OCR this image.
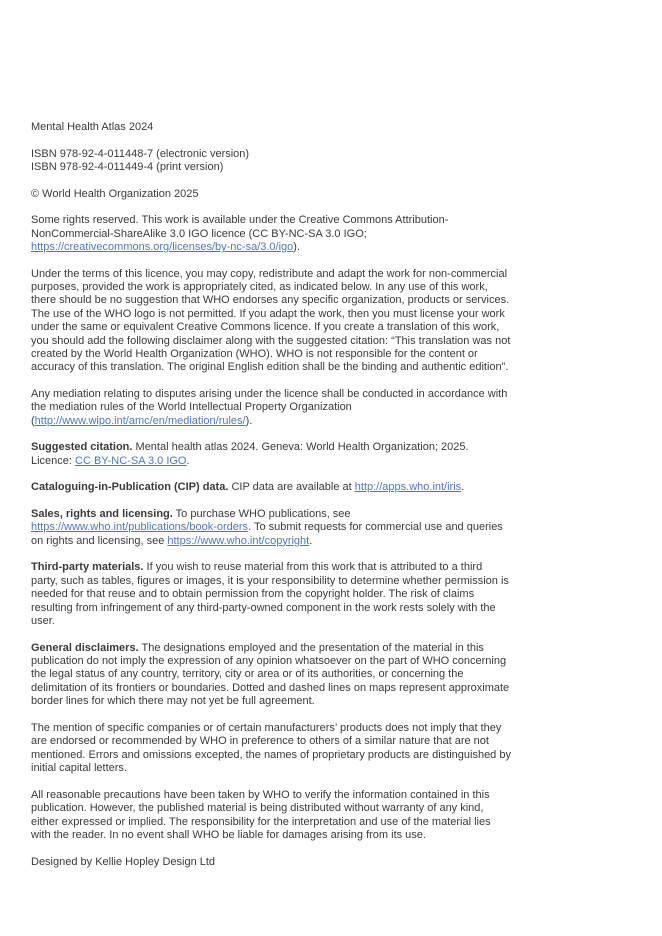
Mental Health Atlas 2024

ISBN 978-92-4-011448-7 (electronic version)
ISBN 978-92-4-011449-4 (print version)

© World Health Organization 2025

Some rights reserved. This work is available under the Creative Commons Attribution-NonCommercial-ShareAlike 3.0 IGO licence (CC BY-NC-SA 3.0 IGO; https://creativecommons.org/licenses/by-nc-sa/3.0/igo).

Under the terms of this licence, you may copy, redistribute and adapt the work for non-commercial purposes, provided the work is appropriately cited, as indicated below. In any use of this work, there should be no suggestion that WHO endorses any specific organization, products or services. The use of the WHO logo is not permitted. If you adapt the work, then you must license your work under the same or equivalent Creative Commons licence. If you create a translation of this work, you should add the following disclaimer along with the suggested citation: “This translation was not created by the World Health Organization (WHO). WHO is not responsible for the content or accuracy of this translation. The original English edition shall be the binding and authentic edition”.

Any mediation relating to disputes arising under the licence shall be conducted in accordance with the mediation rules of the World Intellectual Property Organization (http://www.wipo.int/amc/en/mediation/rules/).

Suggested citation. Mental health atlas 2024. Geneva: World Health Organization; 2025. Licence: CC BY-NC-SA 3.0 IGO.

Cataloguing-in-Publication (CIP) data. CIP data are available at http://apps.who.int/iris.

Sales, rights and licensing. To purchase WHO publications, see https://www.who.int/publications/book-orders. To submit requests for commercial use and queries on rights and licensing, see https://www.who.int/copyright.

Third-party materials. If you wish to reuse material from this work that is attributed to a third party, such as tables, figures or images, it is your responsibility to determine whether permission is needed for that reuse and to obtain permission from the copyright holder. The risk of claims resulting from infringement of any third-party-owned component in the work rests solely with the user.

General disclaimers. The designations employed and the presentation of the material in this publication do not imply the expression of any opinion whatsoever on the part of WHO concerning the legal status of any country, territory, city or area or of its authorities, or concerning the delimitation of its frontiers or boundaries. Dotted and dashed lines on maps represent approximate border lines for which there may not yet be full agreement.

The mention of specific companies or of certain manufacturers’ products does not imply that they are endorsed or recommended by WHO in preference to others of a similar nature that are not mentioned. Errors and omissions excepted, the names of proprietary products are distinguished by initial capital letters.

All reasonable precautions have been taken by WHO to verify the information contained in this publication. However, the published material is being distributed without warranty of any kind, either expressed or implied. The responsibility for the interpretation and use of the material lies with the reader. In no event shall WHO be liable for damages arising from its use.

Designed by Kellie Hopley Design Ltd
